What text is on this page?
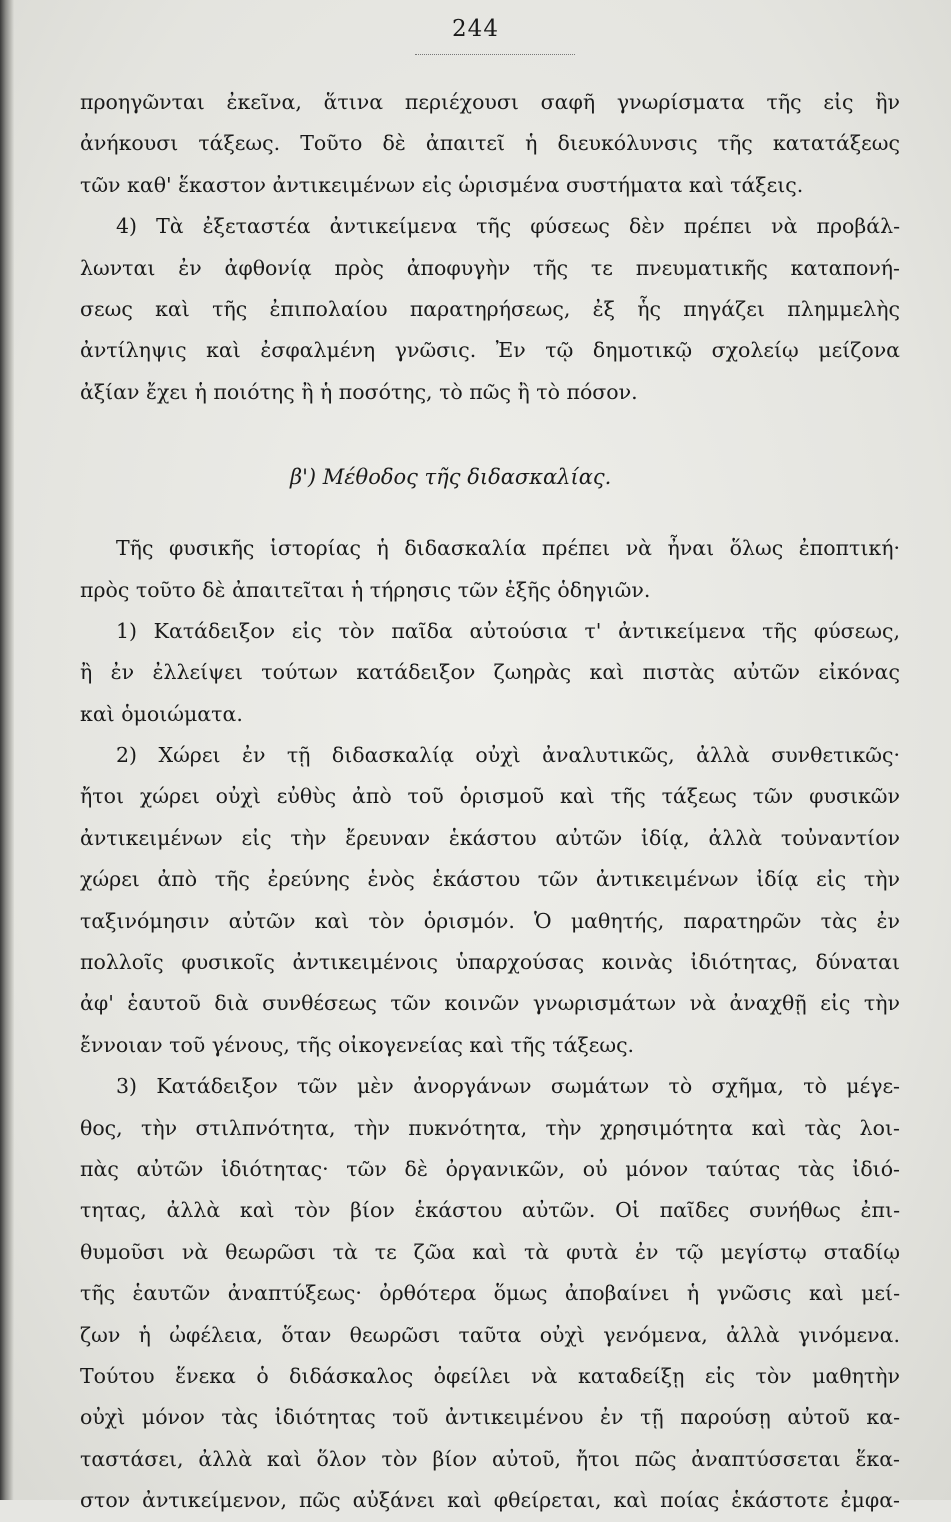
244
προηγῶνται ἐκεῖνα, ἅτινα περιέχουσι σαφῆ γνωρίσματα τῆς εἰς ἣν
ἀνήκουσι τάξεως. Τοῦτο δὲ ἀπαιτεῖ ἡ διευκόλυνσις τῆς κατατάξεως
τῶν καθ' ἕκαστον ἀντικειμένων εἰς ὡρισμένα συστήματα καὶ τάξεις.
4) Τὰ ἐξεταστέα ἀντικείμενα τῆς φύσεως δὲν πρέπει νὰ προβάλ-
λωνται ἐν ἀφθονίᾳ πρὸς ἀποφυγὴν τῆς τε πνευματικῆς καταπονή-
σεως καὶ τῆς ἐπιπολαίου παρατηρήσεως, ἐξ ἧς πηγάζει πλημμελὴς
ἀντίληψις καὶ ἐσφαλμένη γνῶσις. Ἐν τῷ δημοτικῷ σχολείῳ μείζονα
ἀξίαν ἔχει ἡ ποιότης ἢ ἡ ποσότης, τὸ πῶς ἢ τὸ πόσον.
β') Μέθοδος τῆς διδασκαλίας.
Τῆς φυσικῆς ἱστορίας ἡ διδασκαλία πρέπει νὰ ἦναι ὅλως ἐποπτική·
πρὸς τοῦτο δὲ ἀπαιτεῖται ἡ τήρησις τῶν ἑξῆς ὁδηγιῶν.
1) Κατάδειξον εἰς τὸν παῖδα αὐτούσια τ' ἀντικείμενα τῆς φύσεως,
ἢ ἐν ἐλλείψει τούτων κατάδειξον ζωηρὰς καὶ πιστὰς αὐτῶν εἰκόνας
καὶ ὁμοιώματα.
2) Χώρει ἐν τῇ διδασκαλίᾳ οὐχὶ ἀναλυτικῶς, ἀλλὰ συνθετικῶς·
ἤτοι χώρει οὐχὶ εὐθὺς ἀπὸ τοῦ ὁρισμοῦ καὶ τῆς τάξεως τῶν φυσικῶν
ἀντικειμένων εἰς τὴν ἔρευναν ἑκάστου αὐτῶν ἰδίᾳ, ἀλλὰ τοὐναντίον
χώρει ἀπὸ τῆς ἐρεύνης ἑνὸς ἑκάστου τῶν ἀντικειμένων ἰδίᾳ εἰς τὴν
ταξινόμησιν αὐτῶν καὶ τὸν ὁρισμόν. Ὁ μαθητής, παρατηρῶν τὰς ἐν
πολλοῖς φυσικοῖς ἀντικειμένοις ὑπαρχούσας κοινὰς ἰδιότητας, δύναται
ἀφ' ἑαυτοῦ διὰ συνθέσεως τῶν κοινῶν γνωρισμάτων νὰ ἀναχθῇ εἰς τὴν
ἔννοιαν τοῦ γένους, τῆς οἰκογενείας καὶ τῆς τάξεως.
3) Κατάδειξον τῶν μὲν ἀνοργάνων σωμάτων τὸ σχῆμα, τὸ μέγε-
θος, τὴν στιλπνότητα, τὴν πυκνότητα, τὴν χρησιμότητα καὶ τὰς λοι-
πὰς αὐτῶν ἰδιότητας· τῶν δὲ ὀργανικῶν, οὐ μόνον ταύτας τὰς ἰδιό-
τητας, ἀλλὰ καὶ τὸν βίον ἑκάστου αὐτῶν. Οἱ παῖδες συνήθως ἐπι-
θυμοῦσι νὰ θεωρῶσι τὰ τε ζῶα καὶ τὰ φυτὰ ἐν τῷ μεγίστῳ σταδίῳ
τῆς ἑαυτῶν ἀναπτύξεως· ὀρθότερα ὅμως ἀποβαίνει ἡ γνῶσις καὶ μεί-
ζων ἡ ὠφέλεια, ὅταν θεωρῶσι ταῦτα οὐχὶ γενόμενα, ἀλλὰ γινόμενα.
Τούτου ἕνεκα ὁ διδάσκαλος ὀφείλει νὰ καταδείξῃ εἰς τὸν μαθητὴν
οὐχὶ μόνον τὰς ἰδιότητας τοῦ ἀντικειμένου ἐν τῇ παρούσῃ αὐτοῦ κα-
ταστάσει, ἀλλὰ καὶ ὅλον τὸν βίον αὐτοῦ, ἤτοι πῶς ἀναπτύσσεται ἕκα-
στον ἀντικείμενον, πῶς αὐξάνει καὶ φθείρεται, καὶ ποίας ἑκάστοτε ἐμφα-
